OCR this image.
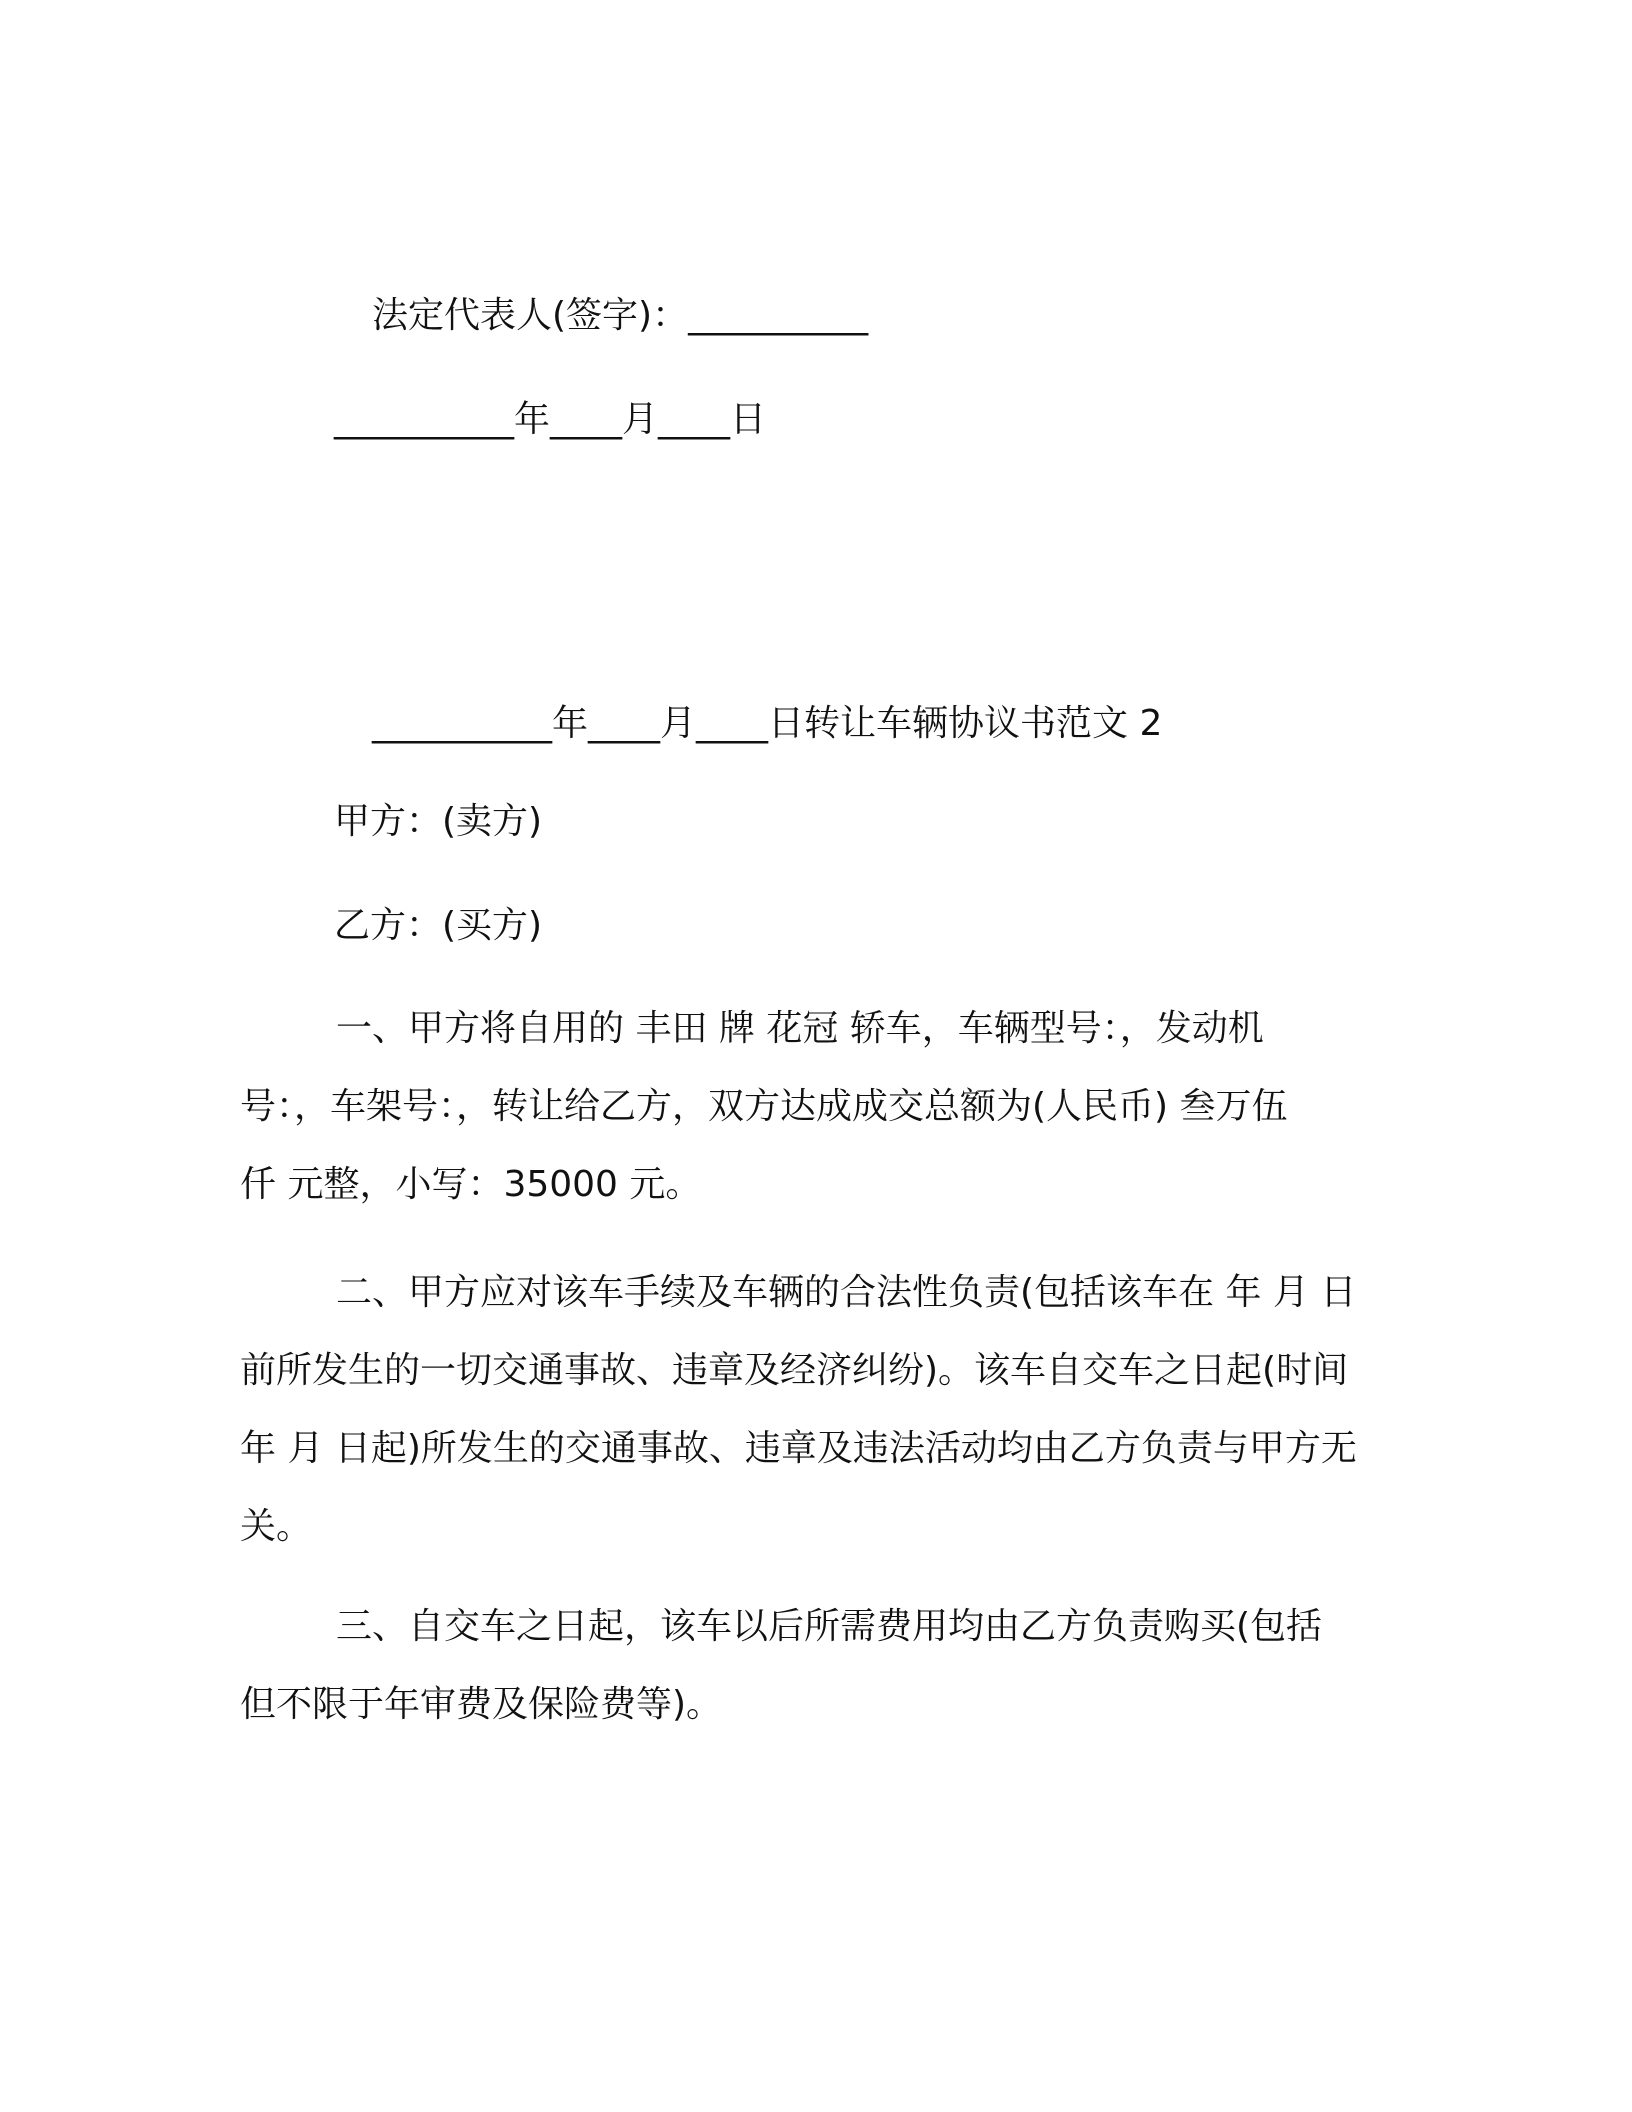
法定代表人(签字)：__________
__________年____月____日
__________年____月____日转让车辆协议书范文 2
甲方：(卖方)
乙方：(买方)
一、甲方将自用的 丰田 牌 花冠 轿车，车辆型号：，发动机
号：，车架号：，转让给乙方，双方达成成交总额为(人民币) 叁万伍
仟 元整，小写：35000 元。
二、甲方应对该车手续及车辆的合法性负责(包括该车在 年 月 日
前所发生的一切交通事故、违章及经济纠纷)。该车自交车之日起(时间
年 月 日起)所发生的交通事故、违章及违法活动均由乙方负责与甲方无
关。
三、自交车之日起，该车以后所需费用均由乙方负责购买(包括
但不限于年审费及保险费等)。
